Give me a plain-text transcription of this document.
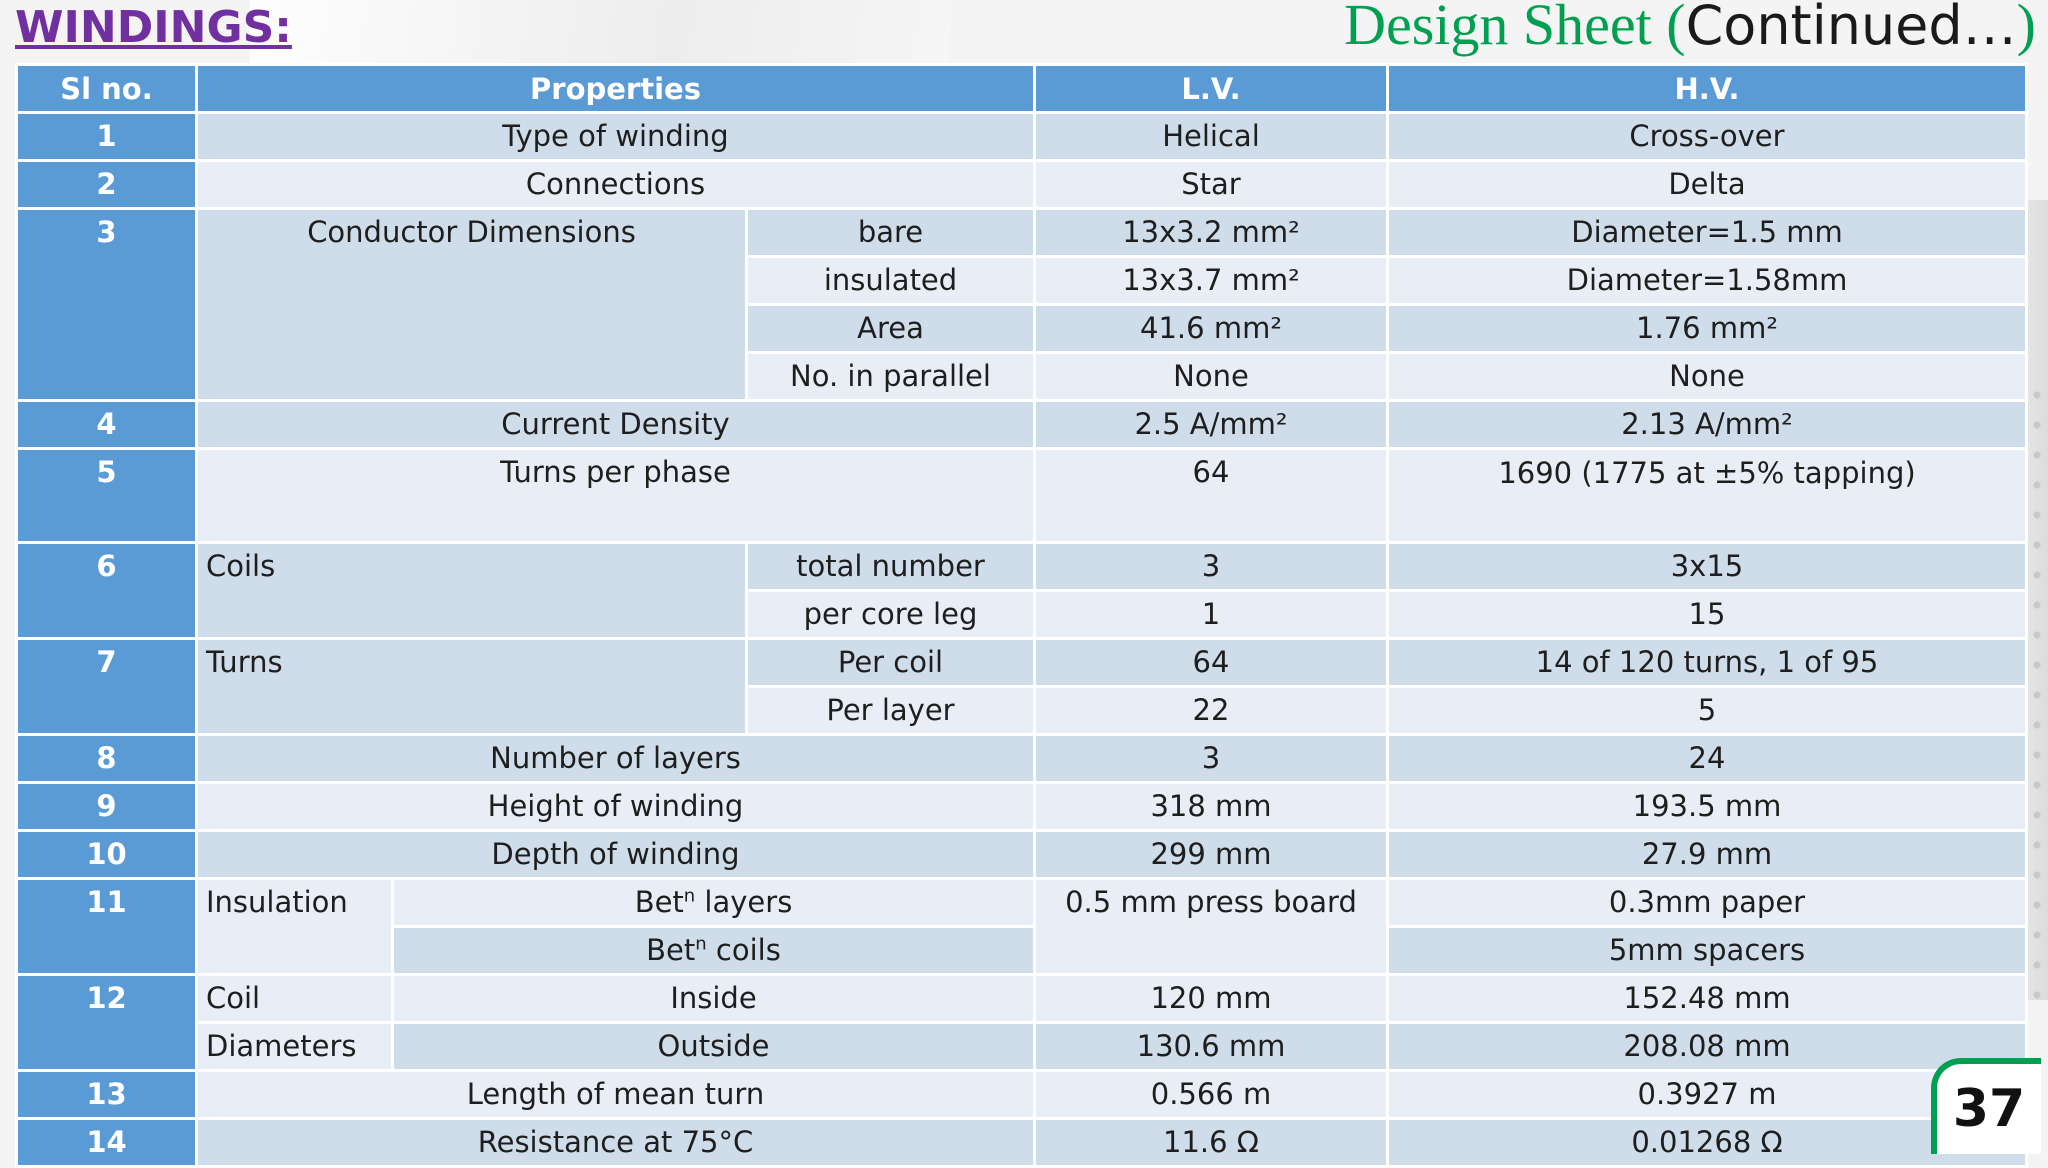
WINDINGS:	Design Sheet (Continued…)
Sl no.	Properties			L.V.	H.V.
1	Type of winding			Helical	Cross-over
2	Connections			Star	Delta
3	Conductor Dimensions		bare	13x3.2 mm²	Diameter=1.5 mm
			insulated	13x3.7 mm²	Diameter=1.58mm
			Area	41.6 mm²	1.76 mm²
			No. in parallel	None	None
4	Current Density			2.5 A/mm²	2.13 A/mm²
5	Turns per phase			64	1690 (1775 at ±5% tapping)
6	Coils		total number	3	3x15
			per core leg	1	15
7	Turns		Per coil	64	14 of 120 turns, 1 of 95
			Per layer	22	5
8	Number of layers			3	24
9	Height of winding			318 mm	193.5 mm
10	Depth of winding			299 mm	27.9 mm
11	Insulation	Bet$^n$ layers		0.5 mm press board	0.3mm paper
		Bet$^n$ coils			5mm spacers
12	Coil	Inside		120 mm	152.48 mm
	Diameters	Outside		130.6 mm	208.08 mm
13	Length of mean turn			0.566 m	0.3927 m
14	Resistance at 75°C			11.6 Ω	0.01268 Ω
37
